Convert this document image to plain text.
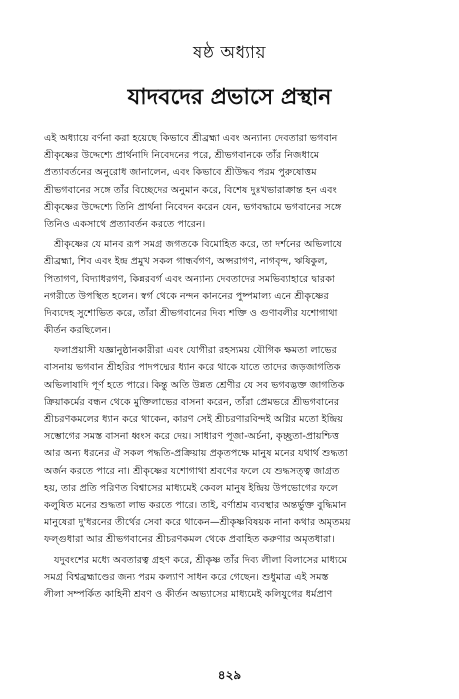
ষষ্ঠ অধ্যায়
যাদবদের প্রভাসে প্রস্থান
এই অধ্যায়ে বর্ণনা করা হয়েছে কিভাবে শ্রীব্রহ্মা এবং অন্যান্য দেবতারা ভগবান
শ্রীকৃষ্ণের উদ্দেশ্যে প্রার্থনাদি নিবেদনের পরে, শ্রীভগবানকে তাঁর নিজধামে
প্রত্যাবর্তনের অনুরোধ জানালেন, এবং কিভাবে শ্রীউদ্ধব পরম পুরুষোত্তম
শ্রীভগবানের সঙ্গে তাঁর বিচ্ছেদের অনুমান করে, বিশেষ দুঃখভারাক্রান্ত হন এবং
শ্রীকৃষ্ণের উদ্দেশ্যে তিনি প্রার্থনা নিবেদন করেন যেন, ভগবদ্ধামে ভগবানের সঙ্গে
তিনিও একসাথে প্রত্যাবর্তন করতে পারেন।
শ্রীকৃষ্ণের যে মানব রূপ সমগ্র জগতকে বিমোহিত করে, তা দর্শনের অভিলাষে
শ্রীব্রহ্মা, শিব এবং ইন্দ্র প্রমুখ সকল গান্ধর্বগণ, অপ্সরাগণ, নাগবৃন্দ, ঋষিকুল,
পিতাগণ, বিদ্যাধরগণ, কিন্নরবর্গ এবং অন্যান্য দেবতাদের সমভিব্যাহারে দ্বারকা
নগরীতে উপস্থিত হলেন। স্বর্গ থেকে নন্দন কাননের পুষ্পমাল্য এনে শ্রীকৃষ্ণের
দিব্যদেহ সুশোভিত করে, তাঁরা শ্রীভগবানের দিব্য শক্তি ও গুণাবলীর যশোগাথা
কীর্তন করছিলেন।
ফলাপ্রয়াসী যজ্ঞানুষ্ঠানকারীরা এবং যোগীরা রহস্যময় যৌগিক ক্ষমতা লাভের
বাসনায় ভগবান শ্রীহরির পাদপদ্মের ধ্যান করে থাকে যাতে তাদের জড়জাগতিক
অভিলাষাদি পূর্ণ হতে পারে। কিন্তু অতি উন্নত শ্রেণীর যে সব ভগবদ্ভক্ত জাগতিক
ক্রিয়াকর্মের বন্ধন থেকে মুক্তিলাভের বাসনা করেন, তাঁরা প্রেমভরে শ্রীভগবানের
শ্রীচরণকমলের ধ্যান করে থাকেন, কারণ সেই শ্রীচরণারবিন্দই অগ্নির মতো ইন্দ্রিয়
সম্ভোগের সমস্ত বাসনা ধ্বংস করে দেয়। সাধারণ পূজা-অর্চনা, কৃচ্ছ্রতা-প্রায়শ্চিত্ত
আর অন্য ধরনের ঐ সকল পদ্ধতি-প্রক্রিয়ায় প্রকৃতপক্ষে মানুষ মনের যথার্থ শুদ্ধতা
অর্জন করতে পারে না। শ্রীকৃষ্ণের যশোগাথা শ্রবণের ফলে যে শুদ্ধসত্ত্ব জাগ্রত
হয়, তার প্রতি পরিণত বিশ্বাসের মাধ্যমেই কেবল মানুষ ইন্দ্রিয় উপভোগের ফলে
কলুষিত মনের শুদ্ধতা লাভ করতে পারে। তাই, বর্ণাশ্রম ব্যবস্থার অন্তর্ভুক্ত বুদ্ধিমান
মানুষেরা দু'ধরনের তীর্থের সেবা করে থাকেন—শ্রীকৃষ্ণবিষয়ক নানা কথার অমৃতময়
ফল্গুধারা আর শ্রীভগবানের শ্রীচরণকমল থেকে প্রবাহিত করুণার অমৃতধারা।
যদুবংশের মধ্যে অবতারত্ব গ্রহণ করে, শ্রীকৃষ্ণ তাঁর দিব্য লীলা বিলাসের মাধ্যমে
সমগ্র বিশ্বব্রহ্মাণ্ডের জন্য পরম কল্যাণ সাধন করে গেছেন। শুধুমাত্র এই সমস্ত
লীলা সম্পর্কিত কাহিনী শ্রবণ ও কীর্তন অভ্যাসের মাধ্যমেই কলিযুগের ধর্মপ্রাণ
৪২৯
